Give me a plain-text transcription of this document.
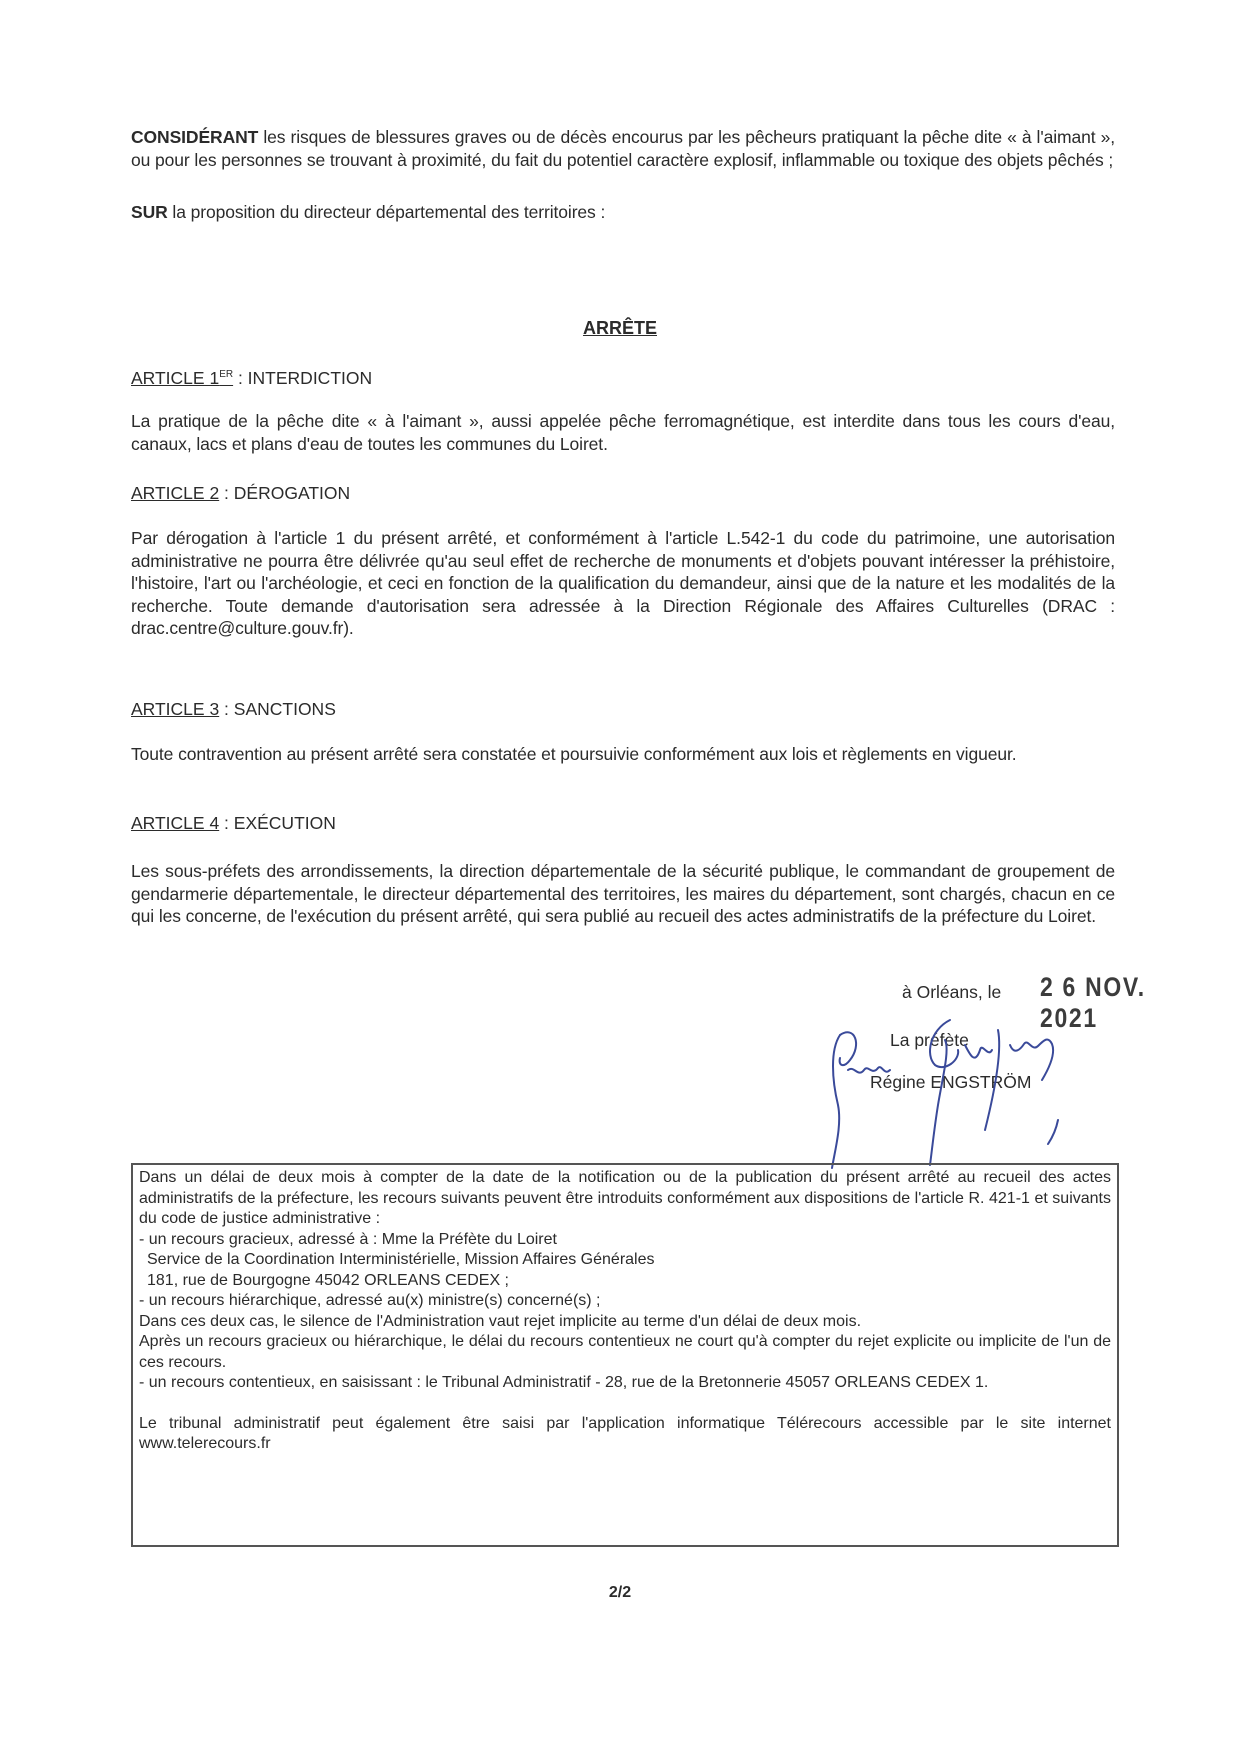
CONSIDÉRANT les risques de blessures graves ou de décès encourus par les pêcheurs pratiquant la pêche dite « à l'aimant », ou pour les personnes se trouvant à proximité, du fait du potentiel caractère explosif, inflammable ou toxique des objets pêchés ;

SUR la proposition du directeur départemental des territoires :

ARRÊTE
ARTICLE 1ER : INTERDICTION

La pratique de la pêche dite « à l'aimant », aussi appelée pêche ferromagnétique, est interdite dans tous les cours d'eau, canaux, lacs et plans d'eau de toutes les communes du Loiret.

ARTICLE 2 : DÉROGATION

Par dérogation à l'article 1 du présent arrêté, et conformément à l'article L.542-1 du code du patrimoine, une autorisation administrative ne pourra être délivrée qu'au seul effet de recherche de monuments et d'objets pouvant intéresser la préhistoire, l'histoire, l'art ou l'archéologie, et ceci en fonction de la qualification du demandeur, ainsi que de la nature et les modalités de la recherche. Toute demande d'autorisation sera adressée à la Direction Régionale des Affaires Culturelles (DRAC : drac.centre@culture.gouv.fr).

ARTICLE 3 : SANCTIONS

Toute contravention au présent arrêté sera constatée et poursuivie conformément aux lois et règlements en vigueur.

ARTICLE 4 : EXÉCUTION

Les sous-préfets des arrondissements, la direction départementale de la sécurité publique, le commandant de groupement de gendarmerie départementale, le directeur départemental des territoires, les maires du département, sont chargés, chacun en ce qui les concerne, de l'exécution du présent arrêté, qui sera publié au recueil des actes administratifs de la préfecture du Loiret.

à Orléans, le 2 6 NOV. 2021
La préfète
Régine ENGSTRÖM

Dans un délai de deux mois à compter de la date de la notification ou de la publication du présent arrêté au recueil des actes administratifs de la préfecture, les recours suivants peuvent être introduits conformément aux dispositions de l'article R. 421-1 et suivants du code de justice administrative :

- un recours gracieux, adressé à : Mme la Préfète du Loiret

Service de la Coordination Interministérielle, Mission Affaires Générales

181, rue de Bourgogne 45042 ORLEANS CEDEX ;

- un recours hiérarchique, adressé au(x) ministre(s) concerné(s) ;

Dans ces deux cas, le silence de l'Administration vaut rejet implicite au terme d'un délai de deux mois.

Après un recours gracieux ou hiérarchique, le délai du recours contentieux ne court qu'à compter du rejet explicite ou implicite de l'un de ces recours.

- un recours contentieux, en saisissant : le Tribunal Administratif - 28, rue de la Bretonnerie 45057 ORLEANS CEDEX 1.

Le tribunal administratif peut également être saisi par l'application informatique Télérecours accessible par le site internet www.telerecours.fr

2/2
